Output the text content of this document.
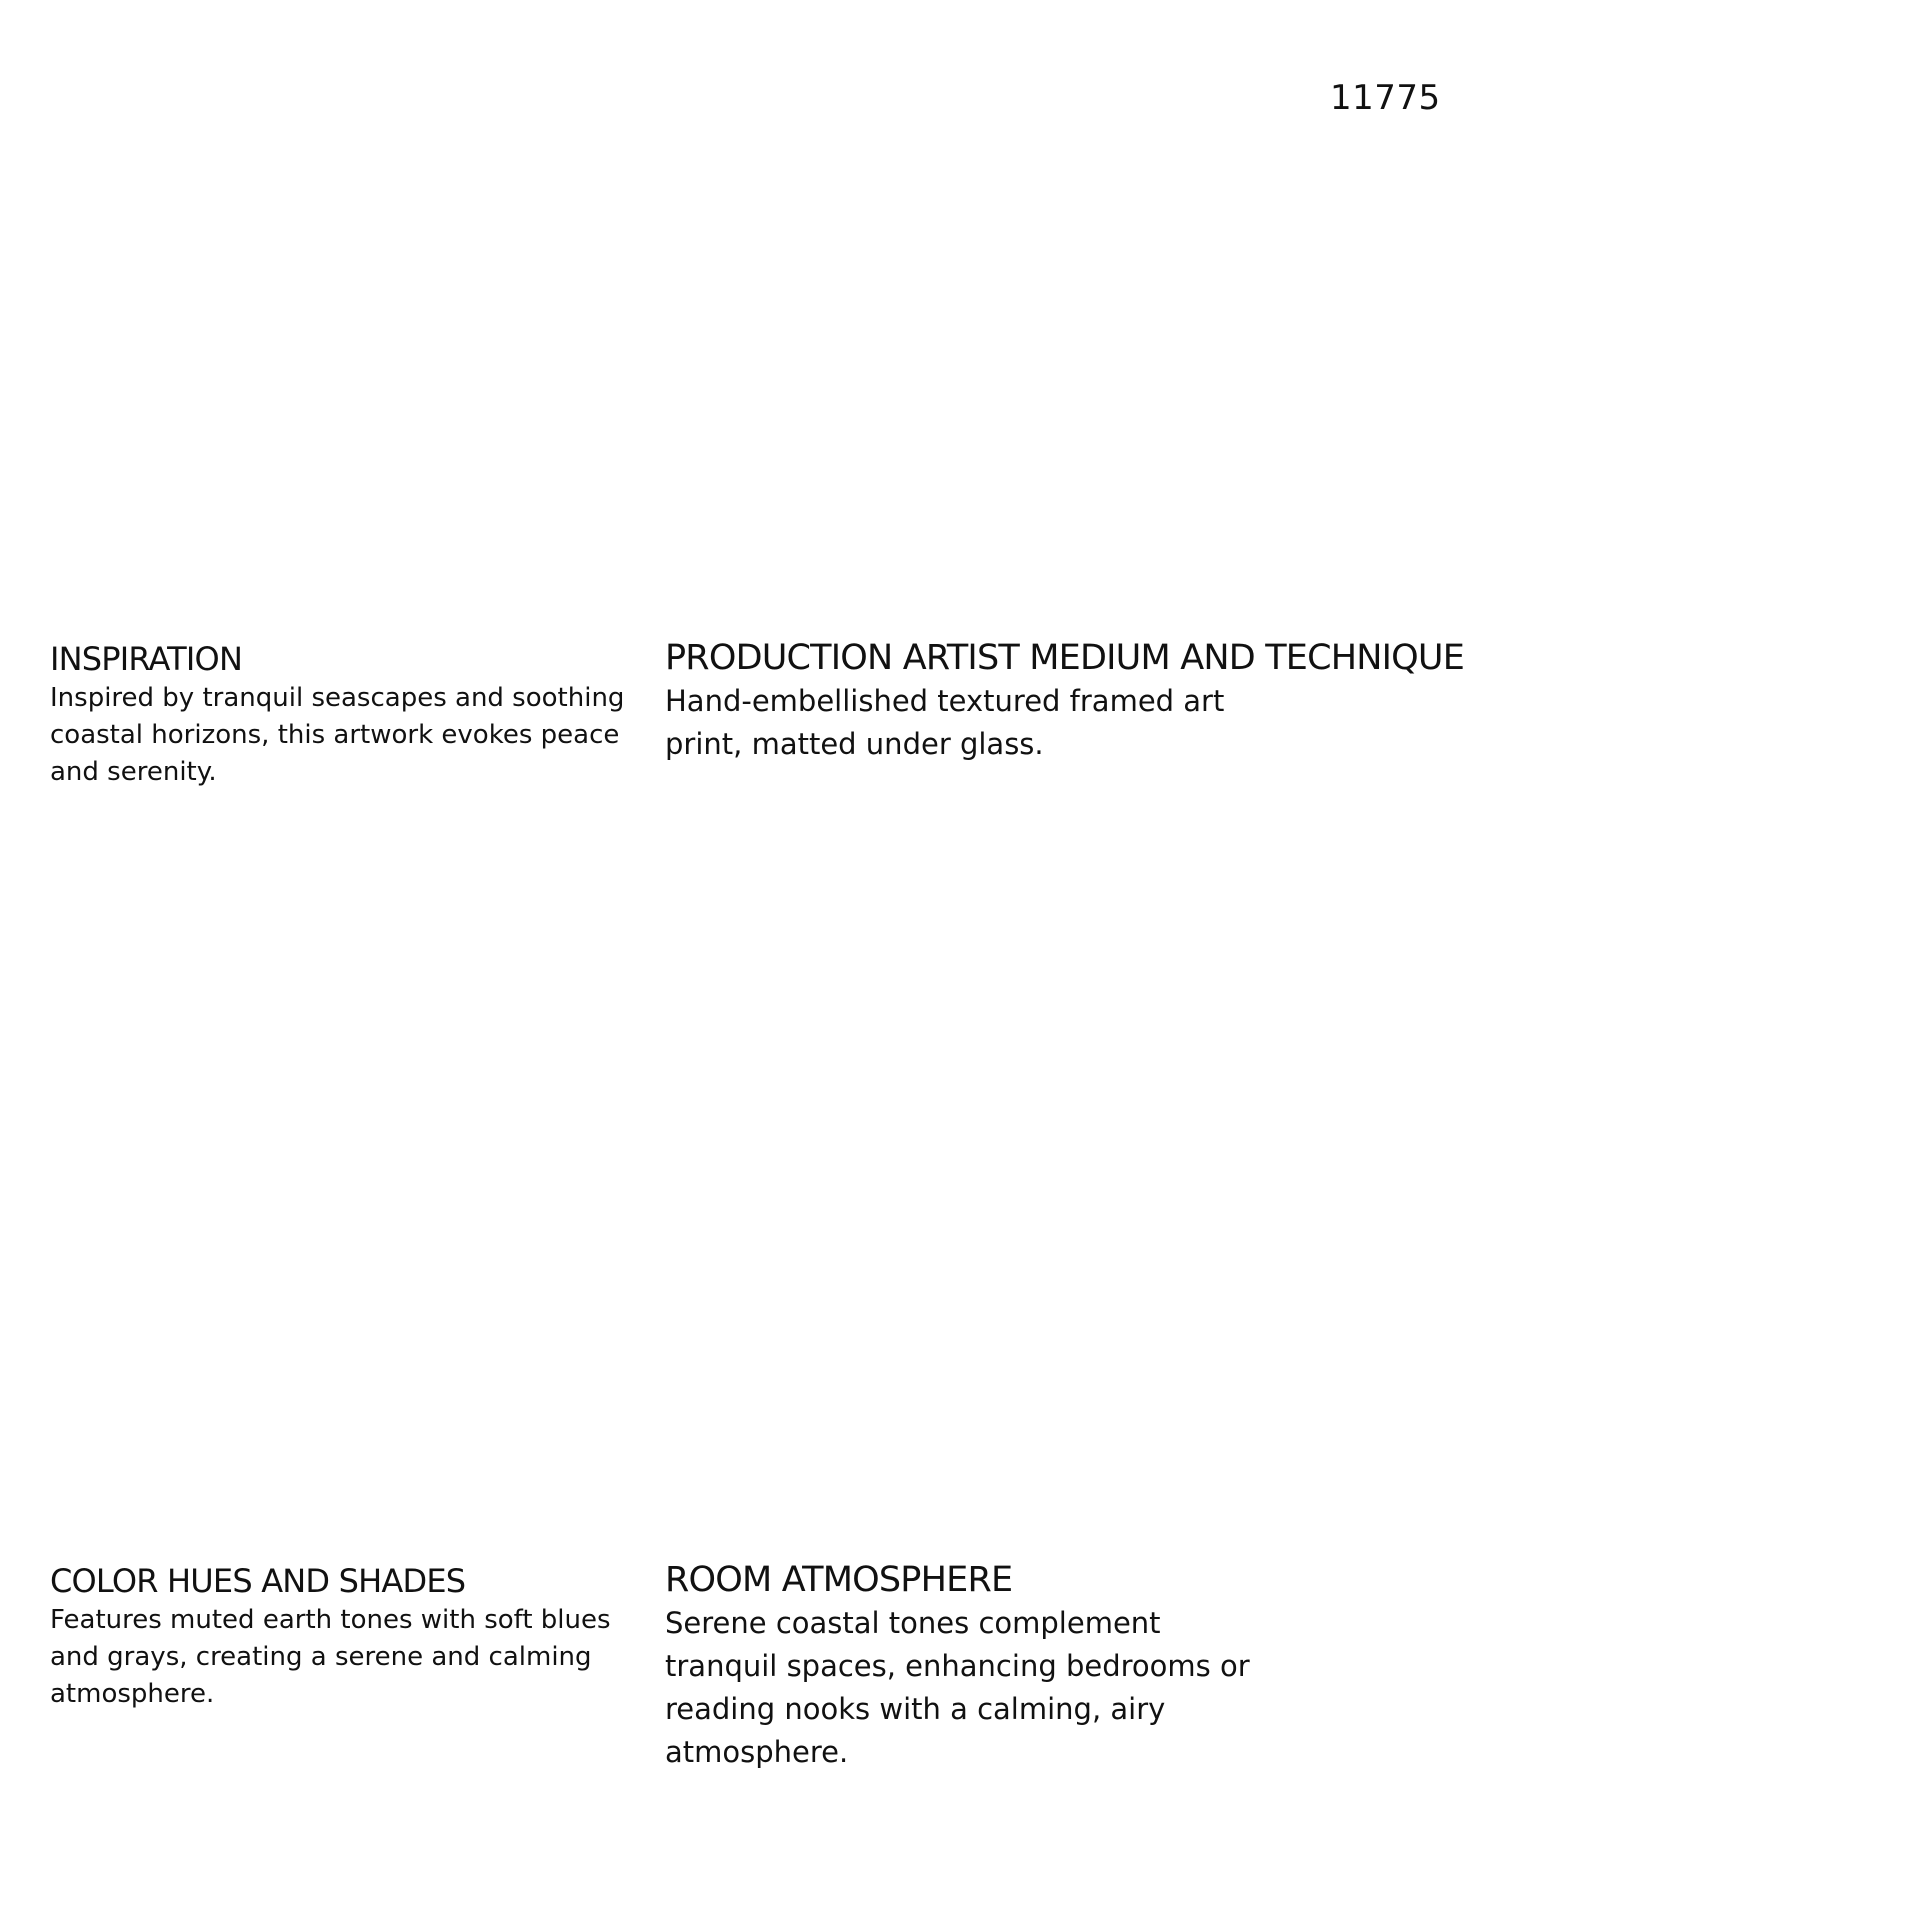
11775
INSPIRATION

Inspired by tranquil seascapes and soothing coastal horizons, this artwork evokes peace and serenity.

PRODUCTION ARTIST MEDIUM AND TECHNIQUE

Hand-embellished textured framed art print, matted under glass.

COLOR HUES AND SHADES

Features muted earth tones with soft blues and grays, creating a serene and calming atmosphere.

ROOM ATMOSPHERE

Serene coastal tones complement tranquil spaces, enhancing bedrooms or reading nooks with a calming, airy atmosphere.
